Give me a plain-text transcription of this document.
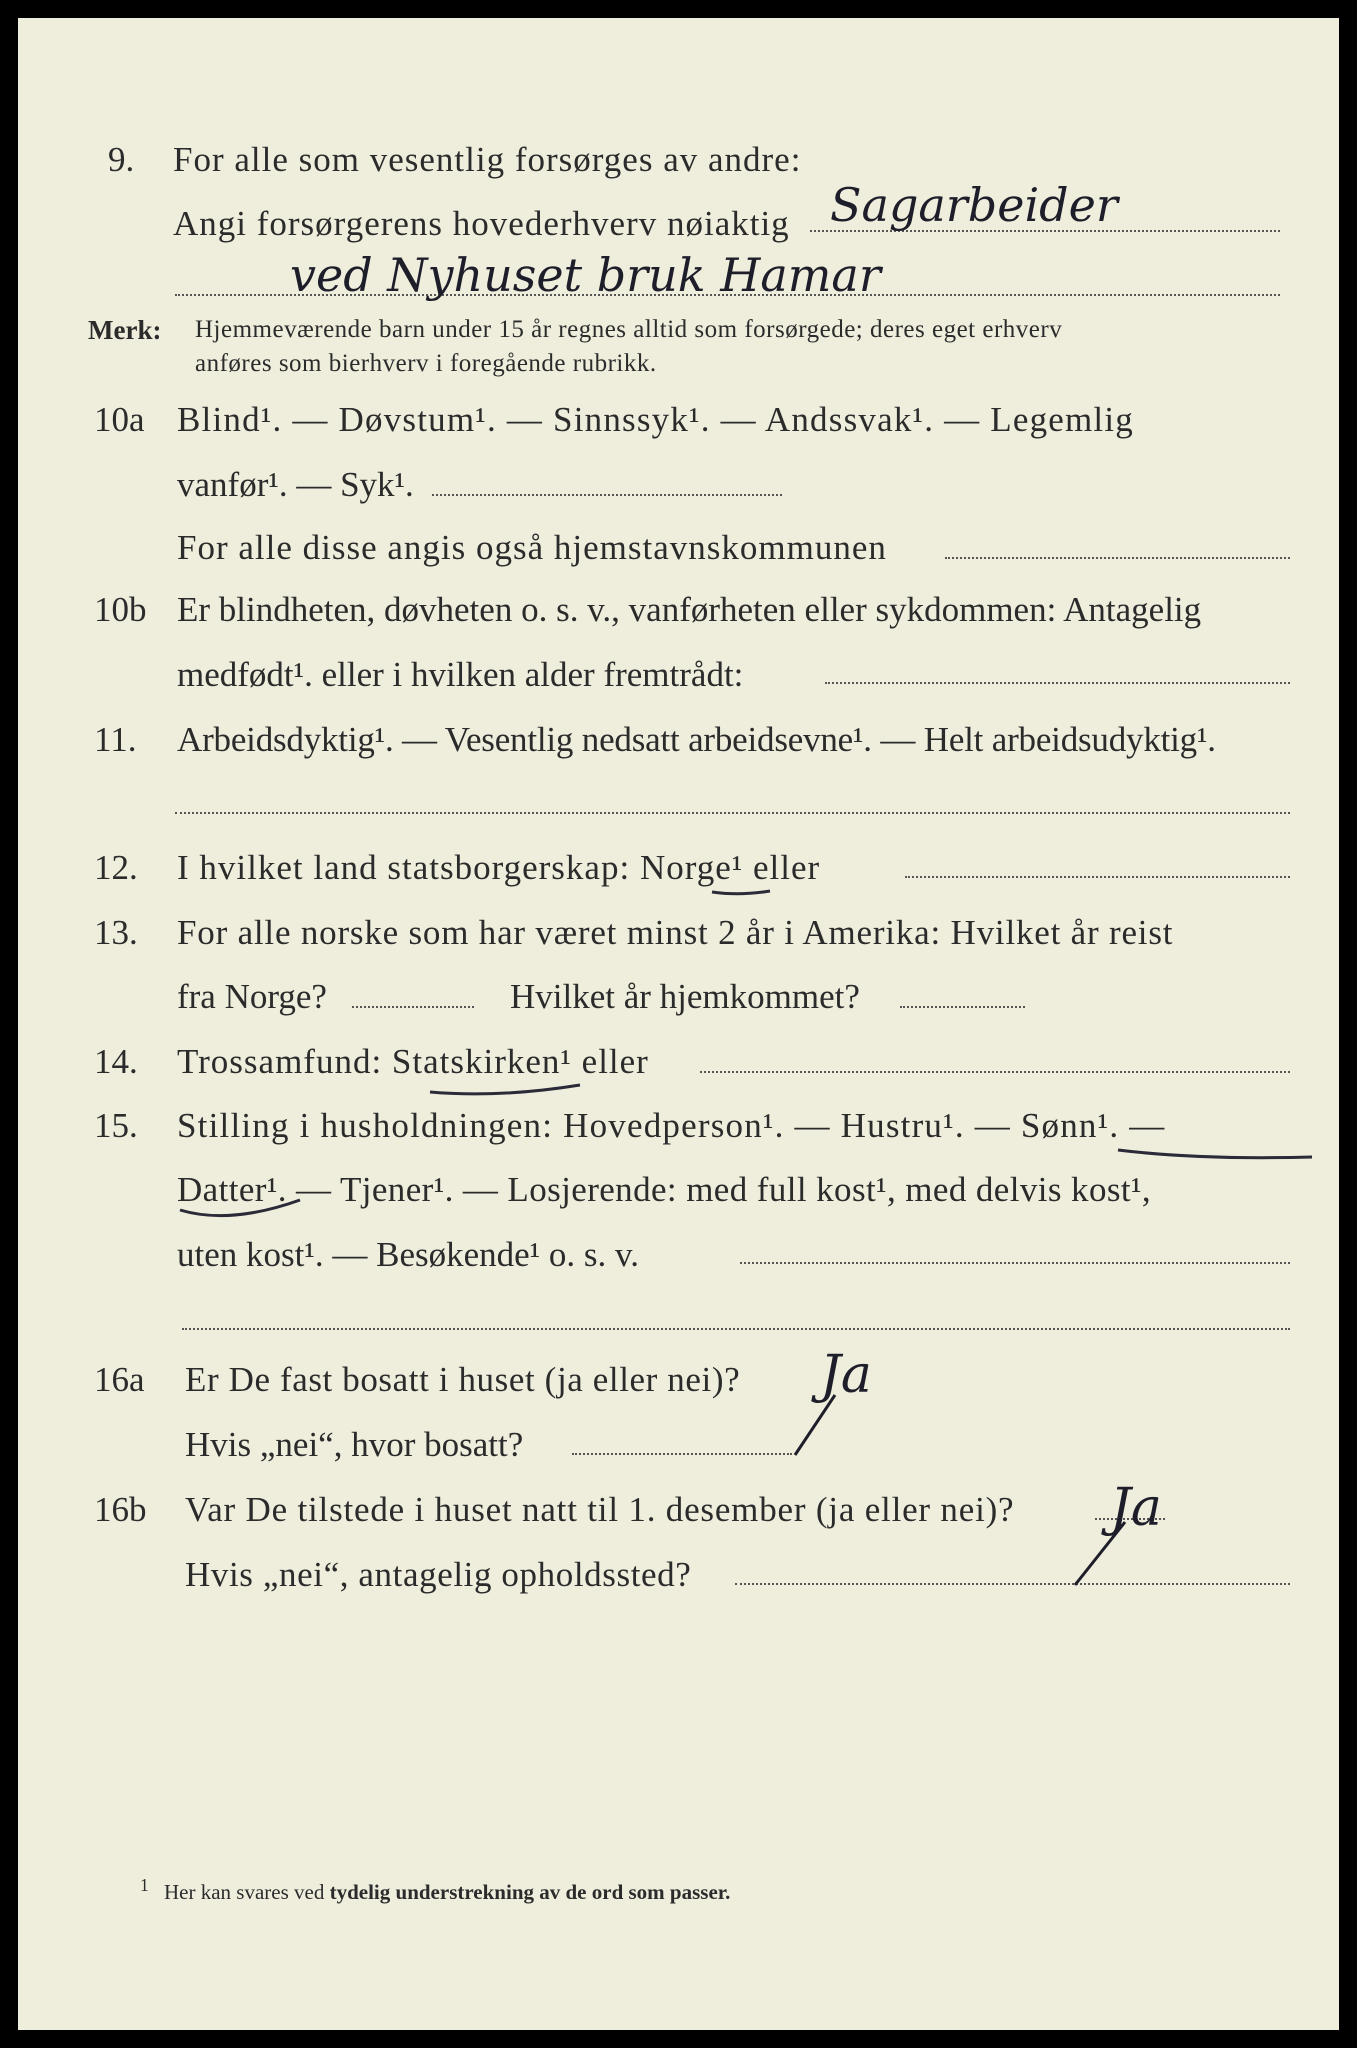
9. For alle som vesentlig forsørges av andre:
Angi forsørgerens hovederhverv nøiaktig Sagarbeider
ved Nyhuset bruk Hamar
Merk: Hjemmeværende barn under 15 år regnes alltid som forsørgede; deres eget erhverv
anføres som bierhverv i foregående rubrikk.
10a Blind¹. — Døvstum¹. — Sinnssyk¹. — Andssvak¹. — Legemlig
vanfør¹. — Syk¹.
For alle disse angis også hjemstavnskommunen
10b Er blindheten, døvheten o. s. v., vanførheten eller sykdommen: Antagelig
medfødt¹. eller i hvilken alder fremtrådt:
11. Arbeidsdyktig¹. — Vesentlig nedsatt arbeidsevne¹. — Helt arbeidsudyktig¹.
12. I hvilket land statsborgerskap: Norge¹ eller
13. For alle norske som har været minst 2 år i Amerika: Hvilket år reist
fra Norge?	Hvilket år hjemkommet?
14. Trossamfund: Statskirken¹ eller
15. Stilling i husholdningen: Hovedperson¹. — Hustru¹. — Sønn¹. —
Datter¹. — Tjener¹. — Losjerende: med full kost¹, med delvis kost¹,
uten kost¹. — Besøkende¹ o. s. v.
16a Er De fast bosatt i huset (ja eller nei)?
Hvis „nei“, hvor bosatt?
Ja
16b Var De tilstede i huset natt til 1. desember (ja eller nei)? Ja
Hvis „nei“, antagelig opholdssted?
$^1$ Her kan svares ved tydelig understrekning av de ord som passer.
